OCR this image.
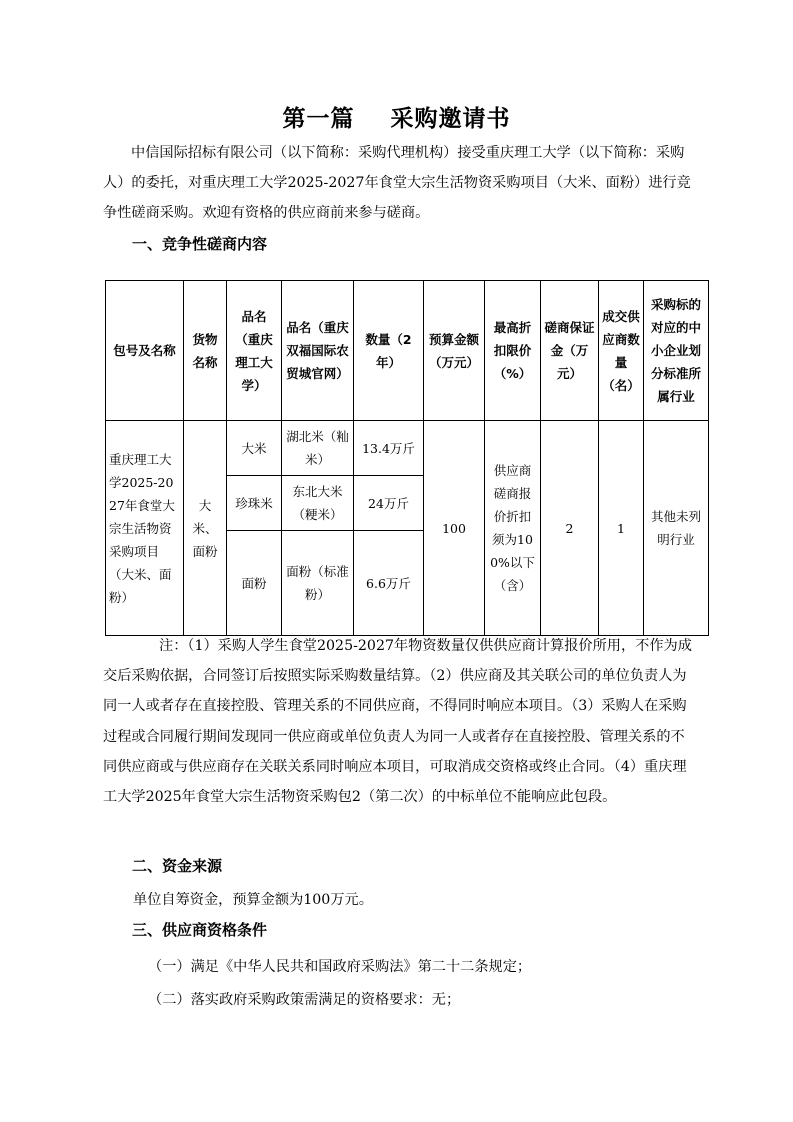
第一篇    采购邀请书
中信国际招标有限公司（以下简称：采购代理机构）接受重庆理工大学（以下简称：采购人）的委托，对重庆理工大学2025-2027年食堂大宗生活物资采购项目（大米、面粉）进行竞争性磋商采购。欢迎有资格的供应商前来参与磋商。
一、竞争性磋商内容
包号及名称	货物名称	品名（重庆理工大学）	品名（重庆双福国际农贸城官网）	数量（2年）	预算金额（万元）	最高折扣限价（%）	磋商保证金（万元）	成交供应商数量（名）	采购标的对应的中小企业划分标准所属行业
重庆理工大学2025-2027年食堂大宗生活物资采购项目（大米、面粉）	大米、面粉	大米	湖北米（籼米）	13.4万斤	100	供应商磋商报价折扣须为100%以下（含）	2	1	其他未列明行业
		珍珠米	东北大米（粳米）	24万斤					
		面粉	面粉（标准粉）	6.6万斤					
注：（1）采购人学生食堂2025-2027年物资数量仅供供应商计算报价所用，不作为成交后采购依据，合同签订后按照实际采购数量结算。（2）供应商及其关联公司的单位负责人为同一人或者存在直接控股、管理关系的不同供应商，不得同时响应本项目。（3）采购人在采购过程或合同履行期间发现同一供应商或单位负责人为同一人或者存在直接控股、管理关系的不同供应商或与供应商存在关联关系同时响应本项目，可取消成交资格或终止合同。（4）重庆理工大学2025年食堂大宗生活物资采购包2（第二次）的中标单位不能响应此包段。
二、资金来源
单位自筹资金，预算金额为100万元。
三、供应商资格条件
（一）满足《中华人民共和国政府采购法》第二十二条规定；
（二）落实政府采购政策需满足的资格要求：无；
